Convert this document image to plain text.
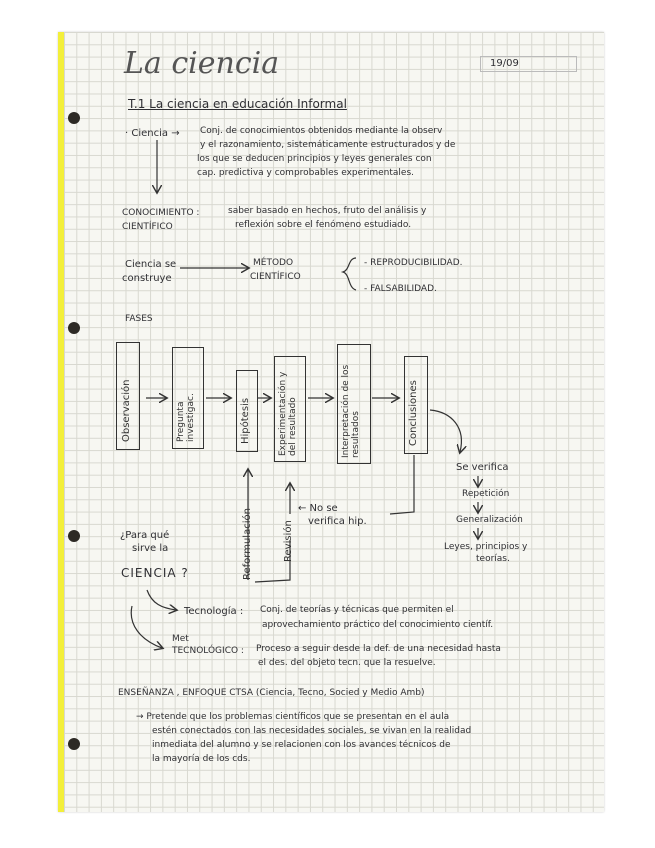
La ciencia	19/09
T.1 La ciencia en educación Informal
· Ciencia → Conj. de conocimientos obtenidos mediante la observ
y el razonamiento, sistemáticamente estructurados y de
los que se deducen principios y leyes generales con
cap. predictiva y comprobables experimentales.
CONOCIMIENTO :
CIENTÍFICO
saber basado en hechos, fruto del análisis y
reflexión sobre el fenómeno estudiado.
Ciencia se
construye
MÉTODO
CIENTÍFICO
- REPRODUCIBILIDAD.
- FALSABILIDAD.
FASES
Observación	Pregunta investigac.	Hipótesis	Experimentación y del resultado	Interpretación de los resultados	Conclusiones
Se verifica
Repetición
Generalización
Leyes, principios y
teorías.
← No se
verifica hip.
Revisión
Reformulación
¿Para qué
sirve la
CIENCIA ?
Tecnología : Conj. de teorías y técnicas que permiten el
aprovechamiento práctico del conocimiento científ.
Met
TECNOLÓGICO : Proceso a seguir desde la def. de una necesidad hasta
el des. del objeto tecn. que la resuelve.
ENSEÑANZA , ENFOQUE CTSA (Ciencia, Tecno, Socied y Medio Amb)
→ Pretende que los problemas científicos que se presentan en el aula
estén conectados con las necesidades sociales, se vivan en la realidad
inmediata del alumno y se relacionen con los avances técnicos de
la mayoría de los cds.
